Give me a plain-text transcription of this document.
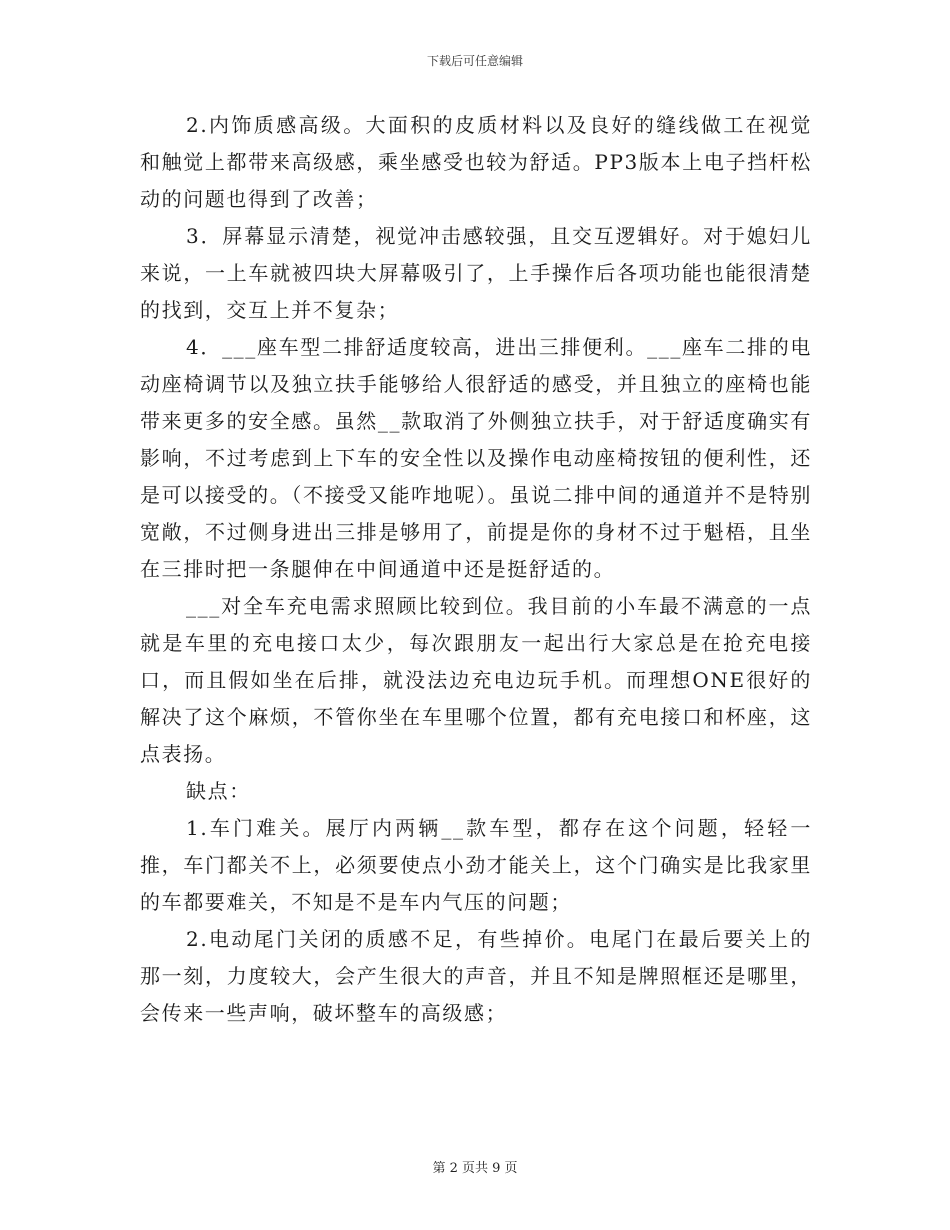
下载后可任意编辑

2.内饰质感高级。大面积的皮质材料以及良好的缝线做工在视觉和触觉上都带来高级感，乘坐感受也较为舒适。PP3版本上电子挡杆松动的问题也得到了改善；

3．屏幕显示清楚，视觉冲击感较强，且交互逻辑好。对于媳妇儿来说，一上车就被四块大屏幕吸引了，上手操作后各项功能也能很清楚的找到，交互上并不复杂；

4．___座车型二排舒适度较高，进出三排便利。___座车二排的电动座椅调节以及独立扶手能够给人很舒适的感受，并且独立的座椅也能带来更多的安全感。虽然__款取消了外侧独立扶手，对于舒适度确实有影响，不过考虑到上下车的安全性以及操作电动座椅按钮的便利性，还是可以接受的。（不接受又能咋地呢）。虽说二排中间的通道并不是特别宽敞，不过侧身进出三排是够用了，前提是你的身材不过于魁梧，且坐在三排时把一条腿伸在中间通道中还是挺舒适的。

___对全车充电需求照顾比较到位。我目前的小车最不满意的一点就是车里的充电接口太少，每次跟朋友一起出行大家总是在抢充电接口，而且假如坐在后排，就没法边充电边玩手机。而理想ONE很好的解决了这个麻烦，不管你坐在车里哪个位置，都有充电接口和杯座，这点表扬。

缺点：

1.车门难关。展厅内两辆__款车型，都存在这个问题，轻轻一推，车门都关不上，必须要使点小劲才能关上，这个门确实是比我家里的车都要难关，不知是不是车内气压的问题；

2.电动尾门关闭的质感不足，有些掉价。电尾门在最后要关上的那一刻，力度较大，会产生很大的声音，并且不知是牌照框还是哪里，会传来一些声响，破坏整车的高级感；

第 2 页共 9 页
